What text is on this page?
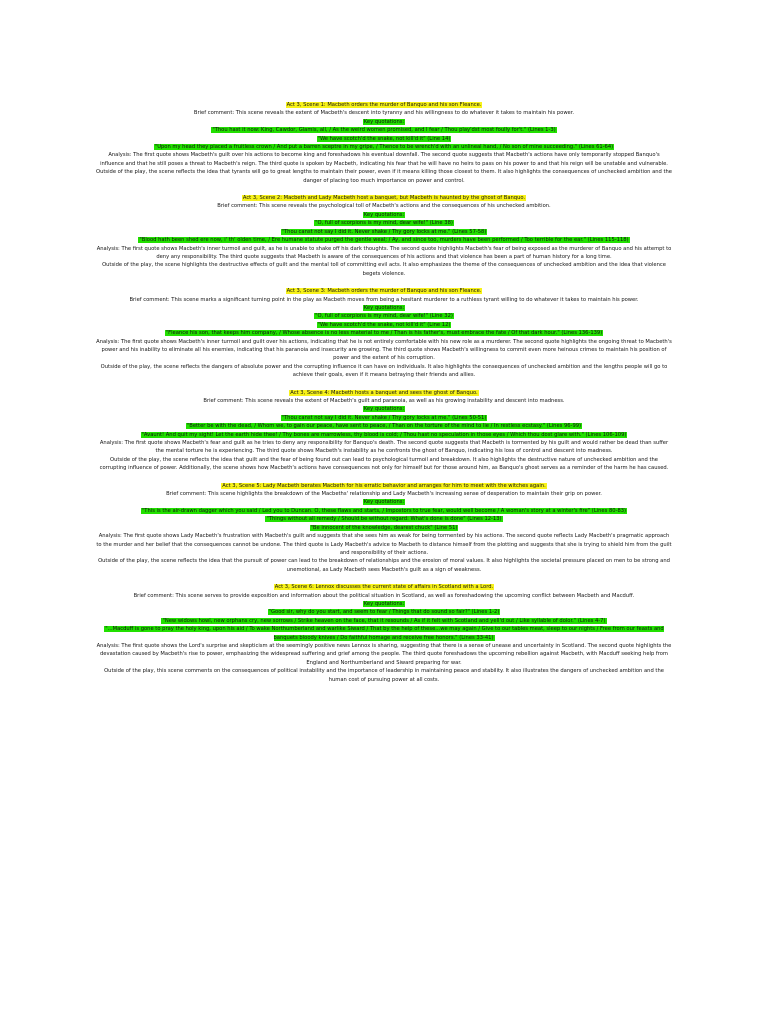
Act 3, Scene 1: Macbeth orders the murder of Banquo and his son Fleance.
Brief comment: This scene reveals the extent of Macbeth's descent into tyranny and his willingness to do whatever it takes to maintain his power.
Key quotations:
"Thou hast it now: King, Cawdor, Glamis, all, / As the weird women promised, and I fear / Thou play'dst most foully for't." (Lines 1-3)
"We have scotch'd the snake, not kill'd it" (Line 14)
"Upon my head they placed a fruitless crown / And put a barren sceptre in my gripe, / Thence to be wrench'd with an unlineal hand, / No son of mine succeeding." (Lines 61-64)
Analysis: The first quote shows Macbeth's guilt over his actions to become king and foreshadows his eventual downfall. The second quote suggests that Macbeth's actions have only temporarily stopped Banquo's influence and that he still poses a threat to Macbeth's reign. The third quote is spoken by Macbeth, indicating his fear that he will have no heirs to pass on his power to and that his reign will be unstable and vulnerable.
Outside of the play, the scene reflects the idea that tyrants will go to great lengths to maintain their power, even if it means killing those closest to them. It also highlights the consequences of unchecked ambition and the danger of placing too much importance on power and control.
Act 3, Scene 2: Macbeth and Lady Macbeth host a banquet, but Macbeth is haunted by the ghost of Banquo.
Brief comment: This scene reveals the psychological toll of Macbeth's actions and the consequences of his unchecked ambition.
Key quotations:
"O, full of scorpions is my mind, dear wife!" (Line 38)
"Thou canst not say I did it. Never shake / Thy gory locks at me." (Lines 57-58)
"Blood hath been shed ere now, i' th' olden time, / Ere humane statute purged the gentle weal; / Ay, and since too, murders have been performed / Too terrible for the ear." (Lines 115-118)
Analysis: The first quote shows Macbeth's inner turmoil and guilt, as he is unable to shake off his dark thoughts. The second quote highlights Macbeth's fear of being exposed as the murderer of Banquo and his attempt to deny any responsibility. The third quote suggests that Macbeth is aware of the consequences of his actions and that violence has been a part of human history for a long time.
Outside of the play, the scene highlights the destructive effects of guilt and the mental toll of committing evil acts. It also emphasizes the theme of the consequences of unchecked ambition and the idea that violence begets violence.
Act 3, Scene 3: Macbeth orders the murder of Banquo and his son Fleance.
Brief comment: This scene marks a significant turning point in the play as Macbeth moves from being a hesitant murderer to a ruthless tyrant willing to do whatever it takes to maintain his power.
Key quotations:
"O, full of scorpions is my mind, dear wife!" (Line 32)
"We have scotch'd the snake, not kill'd it" (Line 12)
"Fleance his son, that keeps him company, / Whose absence is no less material to me / Than is his father's, must embrace the fate / Of that dark hour." (Lines 136-139)
Analysis: The first quote shows Macbeth's inner turmoil and guilt over his actions, indicating that he is not entirely comfortable with his new role as a murderer. The second quote highlights the ongoing threat to Macbeth's power and his inability to eliminate all his enemies, indicating that his paranoia and insecurity are growing. The third quote shows Macbeth's willingness to commit even more heinous crimes to maintain his position of power and the extent of his corruption.
Outside of the play, the scene reflects the dangers of absolute power and the corrupting influence it can have on individuals. It also highlights the consequences of unchecked ambition and the lengths people will go to achieve their goals, even if it means betraying their friends and allies.
Act 3, Scene 4: Macbeth hosts a banquet and sees the ghost of Banquo.
Brief comment: This scene reveals the extent of Macbeth's guilt and paranoia, as well as his growing instability and descent into madness.
Key quotations:
"Thou canst not say I did it. Never shake / Thy gory locks at me." (Lines 50-51)
"Better be with the dead, / Whom we, to gain our peace, have sent to peace, / Than on the torture of the mind to lie / In restless ecstasy." (Lines 96-99)
"Avaunt! And quit my sight! Let the earth hide thee! / Thy bones are marrowless, thy blood is cold; / Thou hast no speculation in those eyes / Which thou dost glare with." (Lines 106-109)
Analysis: The first quote shows Macbeth's fear and guilt as he tries to deny any responsibility for Banquo's death. The second quote suggests that Macbeth is tormented by his guilt and would rather be dead than suffer the mental torture he is experiencing. The third quote shows Macbeth's instability as he confronts the ghost of Banquo, indicating his loss of control and descent into madness.
Outside of the play, the scene reflects the idea that guilt and the fear of being found out can lead to psychological turmoil and breakdown. It also highlights the destructive nature of unchecked ambition and the corrupting influence of power. Additionally, the scene shows how Macbeth's actions have consequences not only for himself but for those around him, as Banquo's ghost serves as a reminder of the harm he has caused.
Act 3, Scene 5: Lady Macbeth berates Macbeth for his erratic behavior and arranges for him to meet with the witches again.
Brief comment: This scene highlights the breakdown of the Macbeths' relationship and Lady Macbeth's increasing sense of desperation to maintain their grip on power.
Key quotations:
"This is the air-drawn dagger which you said / Led you to Duncan. O, these flaws and starts, / Impostors to true fear, would well become / A woman's story at a winter's fire" (Lines 80-83)
"Things without all remedy / Should be without regard: What's done is done" (Lines 12-13)
"Be innocent of the knowledge, dearest chuck" (Line 51)
Analysis: The first quote shows Lady Macbeth's frustration with Macbeth's guilt and suggests that she sees him as weak for being tormented by his actions. The second quote reflects Lady Macbeth's pragmatic approach to the murder and her belief that the consequences cannot be undone. The third quote is Lady Macbeth's advice to Macbeth to distance himself from the plotting and suggests that she is trying to shield him from the guilt and responsibility of their actions.
Outside of the play, the scene reflects the idea that the pursuit of power can lead to the breakdown of relationships and the erosion of moral values. It also highlights the societal pressure placed on men to be strong and unemotional, as Lady Macbeth sees Macbeth's guilt as a sign of weakness.
Act 3, Scene 6: Lennox discusses the current state of affairs in Scotland with a Lord.
Brief comment: This scene serves to provide exposition and information about the political situation in Scotland, as well as foreshadowing the upcoming conflict between Macbeth and Macduff.
Key quotations:
"Good sir, why do you start, and seem to fear / Things that do sound so fair?" (Lines 1-2)
"New widows howl, new orphans cry, new sorrows / Strike heaven on the face, that it resounds / As if it felt with Scotland and yell'd out / Like syllable of dolor." (Lines 4-7)
"...Macduff is gone to pray the holy king, upon his aid / To wake Northumberland and warlike Siward / That by the help of these...we may again / Give to our tables meat, sleep to our nights / Free from our feasts and banquets bloody knives / Do faithful homage and receive free honors." (Lines 33-41)
Analysis: The first quote shows the Lord's surprise and skepticism at the seemingly positive news Lennox is sharing, suggesting that there is a sense of unease and uncertainty in Scotland. The second quote highlights the devastation caused by Macbeth's rise to power, emphasizing the widespread suffering and grief among the people. The third quote foreshadows the upcoming rebellion against Macbeth, with Macduff seeking help from England and Northumberland and Siward preparing for war.
Outside of the play, this scene comments on the consequences of political instability and the importance of leadership in maintaining peace and stability. It also illustrates the dangers of unchecked ambition and the human cost of pursuing power at all costs.
